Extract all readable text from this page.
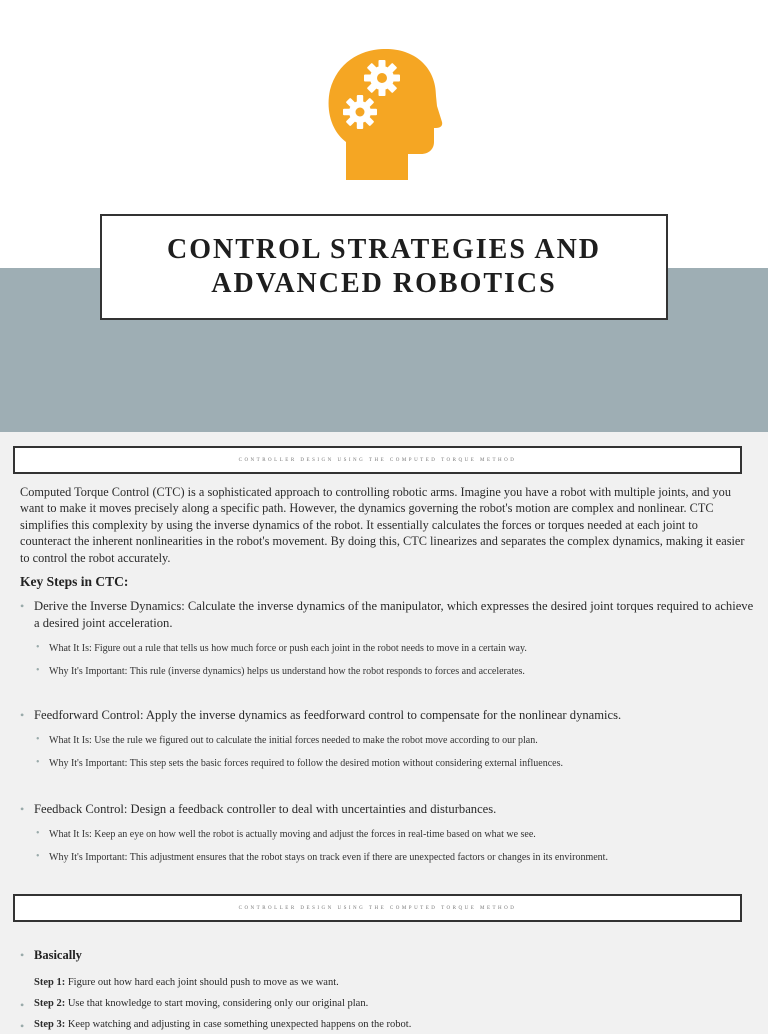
CONTROL STRATEGIES AND
ADVANCED ROBOTICS
CONTROLLER DESIGN USING THE COMPUTED TORQUE METHOD

Computed Torque Control (CTC) is a sophisticated approach to controlling robotic arms. Imagine you have a robot with multiple joints, and you want to make it moves precisely along a specific path. However, the dynamics governing the robot's motion are complex and nonlinear. CTC simplifies this complexity by using the inverse dynamics of the robot. It essentially calculates the forces or torques needed at each joint to counteract the inherent nonlinearities in the robot's movement. By doing this, CTC linearizes and separates the complex dynamics, making it easier to control the robot accurately.

Key Steps in CTC:
• Derive the Inverse Dynamics: Calculate the inverse dynamics of the manipulator, which expresses the desired joint torques required to achieve a desired joint acceleration.
• What It Is: Figure out a rule that tells us how much force or push each joint in the robot needs to move in a certain way.
• Why It's Important: This rule (inverse dynamics) helps us understand how the robot responds to forces and accelerates.
• Feedforward Control: Apply the inverse dynamics as feedforward control to compensate for the nonlinear dynamics.
• What It Is: Use the rule we figured out to calculate the initial forces needed to make the robot move according to our plan.
• Why It's Important: This step sets the basic forces required to follow the desired motion without considering external influences.
• Feedback Control: Design a feedback controller to deal with uncertainties and disturbances.
• What It Is: Keep an eye on how well the robot is actually moving and adjust the forces in real-time based on what we see.
• Why It's Important: This adjustment ensures that the robot stays on track even if there are unexpected factors or changes in its environment.
CONTROLLER DESIGN USING THE COMPUTED TORQUE METHOD
• Basically
Step 1: Figure out how hard each joint should push to move as we want.
• Step 2: Use that knowledge to start moving, considering only our original plan.
• Step 3: Keep watching and adjusting in case something unexpected happens on the robot.
